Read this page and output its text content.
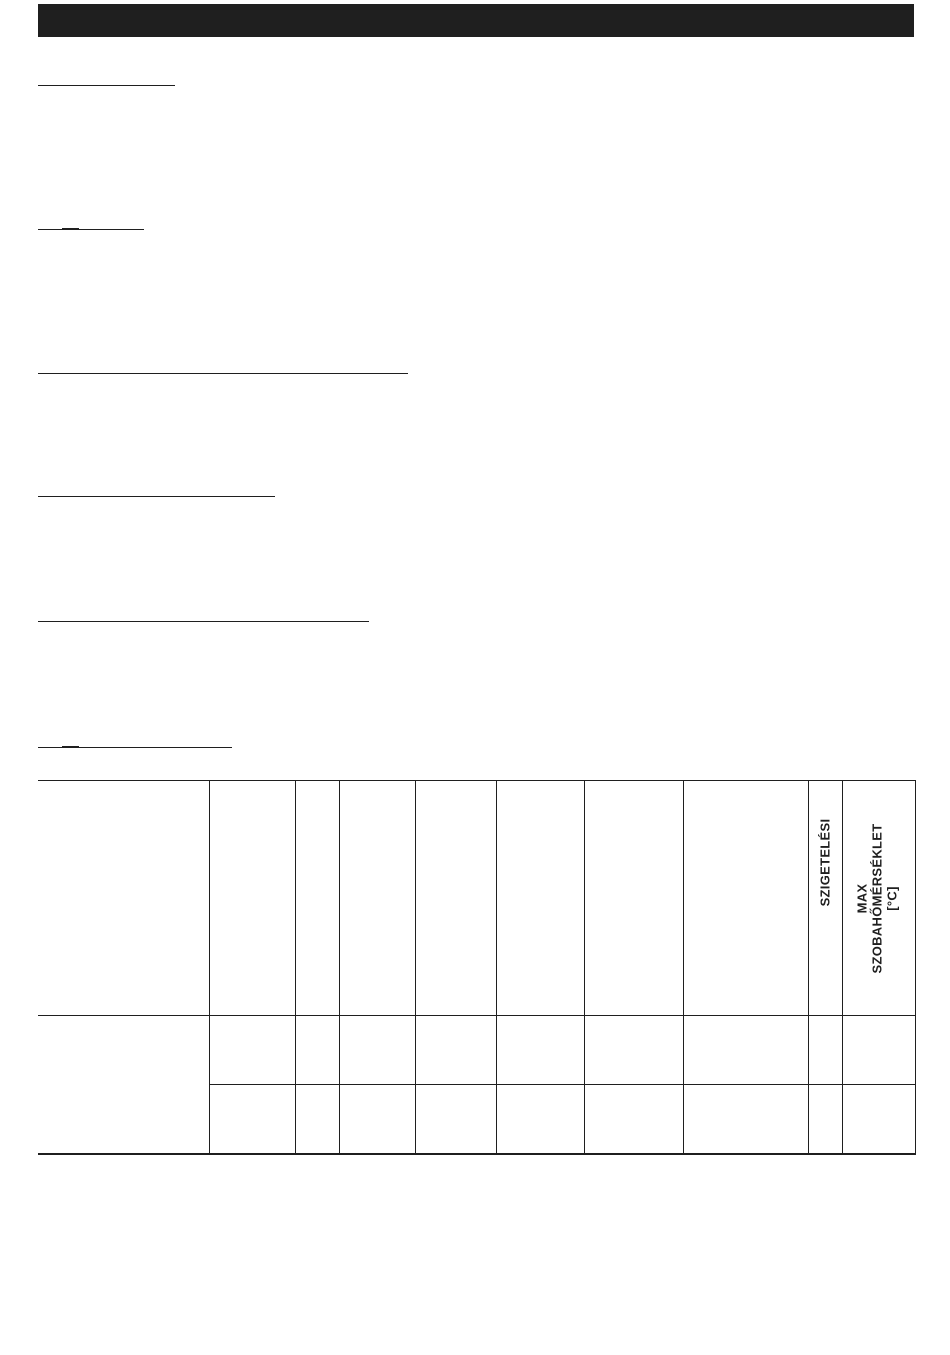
SZIGETELÉSI MAX SZOBAHŐMÉRSÉKLET [°C]
